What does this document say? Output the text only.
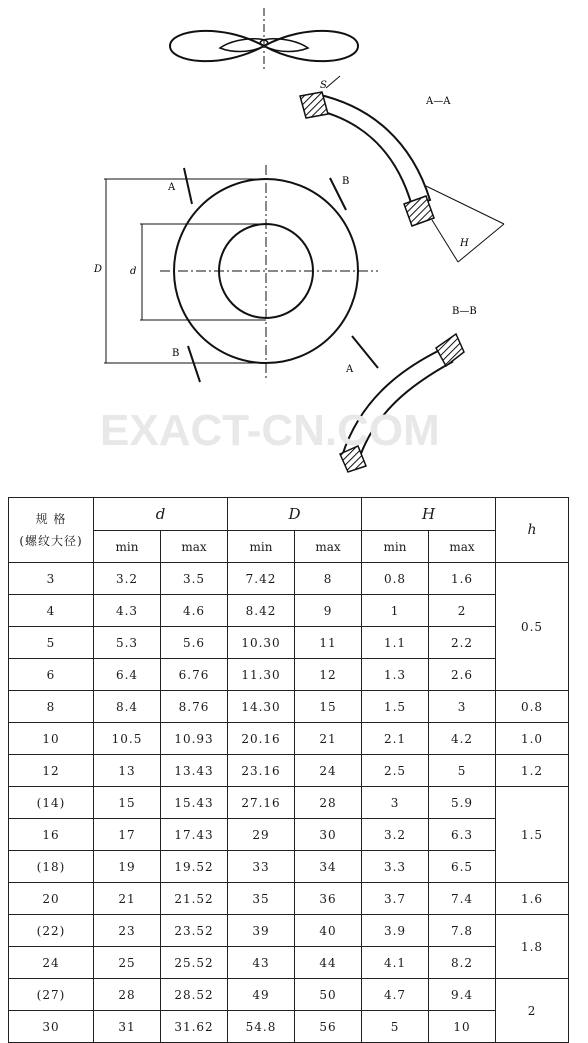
D	d
A
B
B
A
S
H
A—A
B—B
EXACT-CN.COM
规 格
(螺纹大径)	d		D		H		h
	min	max	min	max	min	max	
3	3.2	3.5	7.42	8	0.8	1.6	0.5
4	4.3	4.6	8.42	9	1	2	
5	5.3	5.6	10.30	11	1.1	2.2	
6	6.4	6.76	11.30	12	1.3	2.6	
8	8.4	8.76	14.30	15	1.5	3	0.8
10	10.5	10.93	20.16	21	2.1	4.2	1.0
12	13	13.43	23.16	24	2.5	5	1.2
(14)	15	15.43	27.16	28	3	5.9	1.5
16	17	17.43	29	30	3.2	6.3	
(18)	19	19.52	33	34	3.3	6.5	
20	21	21.52	35	36	3.7	7.4	1.6
(22)	23	23.52	39	40	3.9	7.8	1.8
24	25	25.52	43	44	4.1	8.2	
(27)	28	28.52	49	50	4.7	9.4	2
30	31	31.62	54.8	56	5	10	
